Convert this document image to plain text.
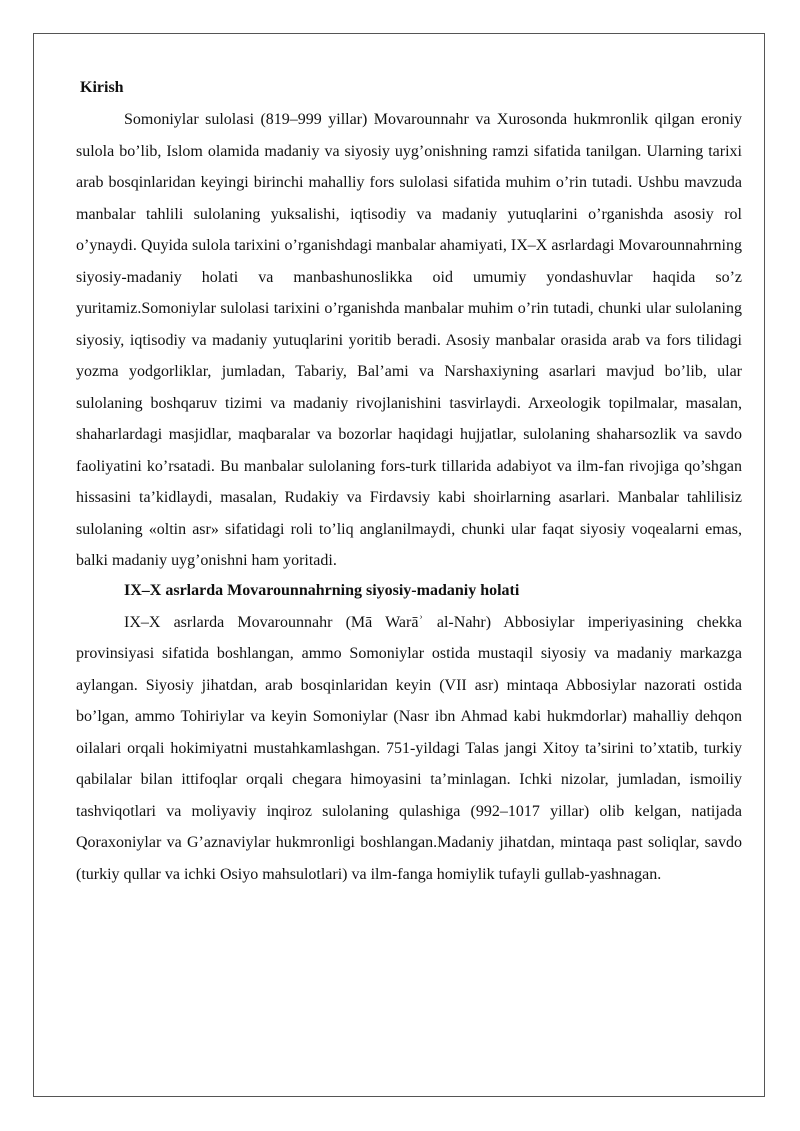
Kirish

Somoniylar sulolasi (819–999 yillar) Movarounnahr va Xurosonda hukmronlik qilgan eroniy sulola bo’lib, Islom olamida madaniy va siyosiy uyg’onishning ramzi sifatida tanilgan. Ularning tarixi arab bosqinlaridan keyingi birinchi mahalliy fors sulolasi sifatida muhim o’rin tutadi. Ushbu mavzuda manbalar tahlili sulolaning yuksalishi, iqtisodiy va madaniy yutuqlarini o’rganishda asosiy rol o’ynaydi. Quyida sulola tarixini o’rganishdagi manbalar ahamiyati, IX–X asrlardagi Movarounnahrning siyosiy-madaniy holati va manbashunoslikka oid umumiy yondashuvlar haqida so’z yuritamiz.Somoniylar sulolasi tarixini o’rganishda manbalar muhim o’rin tutadi, chunki ular sulolaning siyosiy, iqtisodiy va madaniy yutuqlarini yoritib beradi. Asosiy manbalar orasida arab va fors tilidagi yozma yodgorliklar, jumladan, Tabariy, Bal’ami va Narshaxiyning asarlari mavjud bo’lib, ular sulolaning boshqaruv tizimi va madaniy rivojlanishini tasvirlaydi. Arxeologik topilmalar, masalan, shaharlardagi masjidlar, maqbaralar va bozorlar haqidagi hujjatlar, sulolaning shaharsozlik va savdo faoliyatini ko’rsatadi. Bu manbalar sulolaning fors-turk tillarida adabiyot va ilm-fan rivojiga qo’shgan hissasini ta’kidlaydi, masalan, Rudakiy va Firdavsiy kabi shoirlarning asarlari. Manbalar tahlilisiz sulolaning «oltin asr» sifatidagi roli to’liq anglanilmaydi, chunki ular faqat siyosiy voqealarni emas, balki madaniy uyg’onishni ham yoritadi.

IX–X asrlarda Movarounnahrning siyosiy-madaniy holati

IX–X asrlarda Movarounnahr (Mā Warāʾ al-Nahr) Abbosiylar imperiyasining chekka provinsiyasi sifatida boshlangan, ammo Somoniylar ostida mustaqil siyosiy va madaniy markazga aylangan. Siyosiy jihatdan, arab bosqinlaridan keyin (VII asr) mintaqa Abbosiylar nazorati ostida bo’lgan, ammo Tohiriylar va keyin Somoniylar (Nasr ibn Ahmad kabi hukmdorlar) mahalliy dehqon oilalari orqali hokimiyatni mustahkamlashgan. 751-yildagi Talas jangi Xitoy ta’sirini to’xtatib, turkiy qabilalar bilan ittifoqlar orqali chegara himoyasini ta’minlagan. Ichki nizolar, jumladan, ismoiliy tashviqotlari va moliyaviy inqiroz sulolaning qulashiga (992–1017 yillar) olib kelgan, natijada Qoraxoniylar va G’aznaviylar hukmronligi boshlangan.Madaniy jihatdan, mintaqa past soliqlar, savdo (turkiy qullar va ichki Osiyo mahsulotlari) va ilm-fanga homiylik tufayli gullab-yashnagan.
